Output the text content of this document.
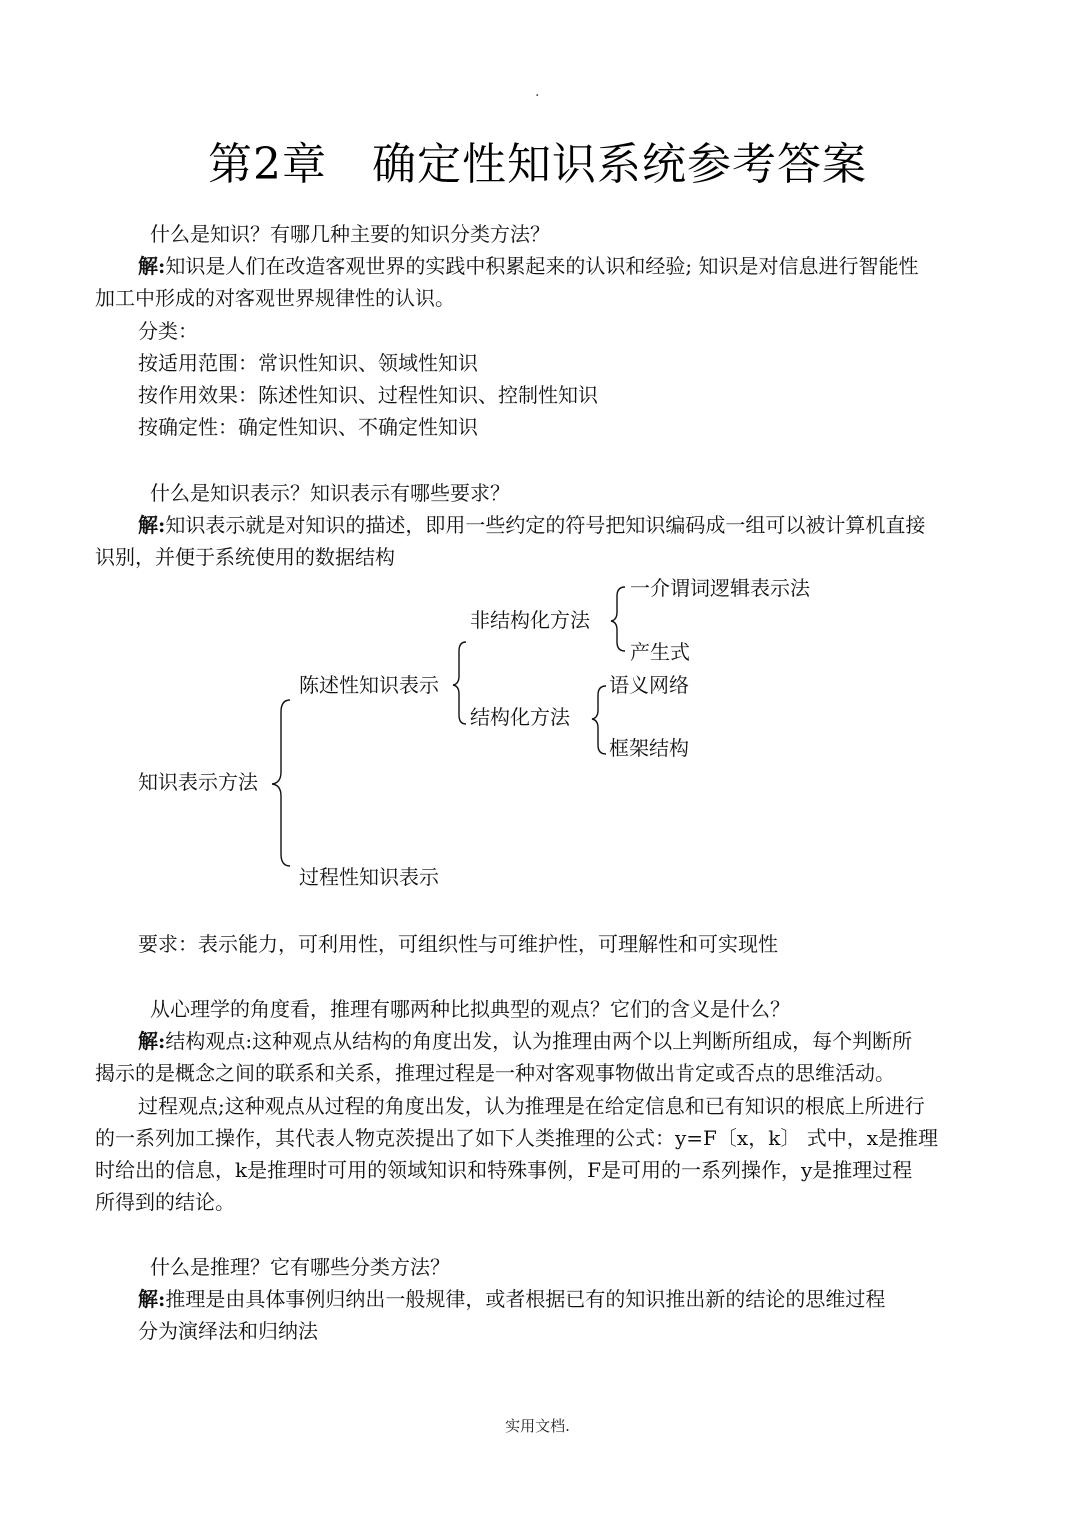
.
第2章　确定性知识系统参考答案
什么是知识？有哪几种主要的知识分类方法？
解:知识是人们在改造客观世界的实践中积累起来的认识和经验; 知识是对信息进行智能性
加工中形成的对客观世界规律性的认识。
分类：
按适用范围：常识性知识、领域性知识
按作用效果：陈述性知识、过程性知识、控制性知识
按确定性：确定性知识、不确定性知识
什么是知识表示？知识表示有哪些要求？
解:知识表示就是对知识的描述，即用一些约定的符号把知识编码成一组可以被计算机直接
识别，并便于系统使用的数据结构
非结构化方法
一介谓词逻辑表示法
产生式
陈述性知识表示	语义网络
结构化方法
框架结构
知识表示方法
过程性知识表示
要求：表示能力，可利用性，可组织性与可维护性，可理解性和可实现性
从心理学的角度看，推理有哪两种比拟典型的观点？它们的含义是什么？
解:结构观点:这种观点从结构的角度出发，认为推理由两个以上判断所组成，每个判断所
揭示的是概念之间的联系和关系，推理过程是一种对客观事物做出肯定或否点的思维活动。
过程观点;这种观点从过程的角度出发，认为推理是在给定信息和已有知识的根底上所进行
的一系列加工操作，其代表人物克茨提出了如下人类推理的公式：y=F〔x，k〕 式中，x是推理
时给出的信息，k是推理时可用的领域知识和特殊事例，F是可用的一系列操作，y是推理过程
所得到的结论。
什么是推理？它有哪些分类方法？
解:推理是由具体事例归纳出一般规律，或者根据已有的知识推出新的结论的思维过程
分为演绎法和归纳法
实用文档.
